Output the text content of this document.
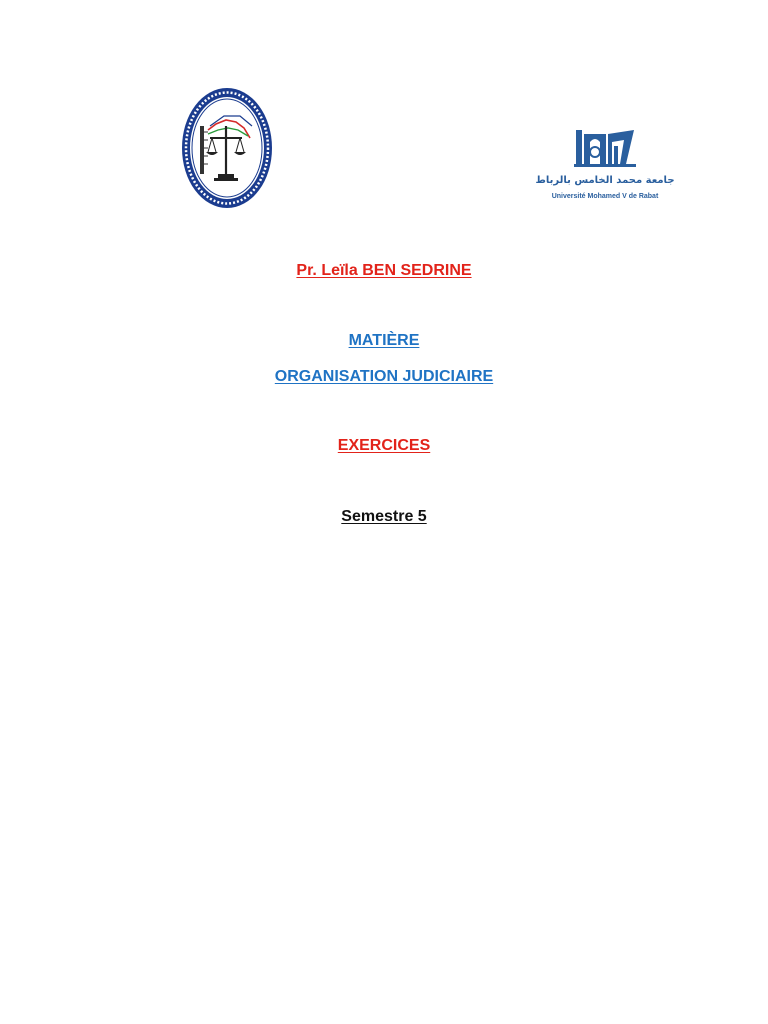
جامعة محمد الخامس بالرباط
Université Mohamed V de Rabat
Pr. Leïla BEN SEDRINE
MATIÈRE
ORGANISATION JUDICIAIRE
EXERCICES
Semestre 5
